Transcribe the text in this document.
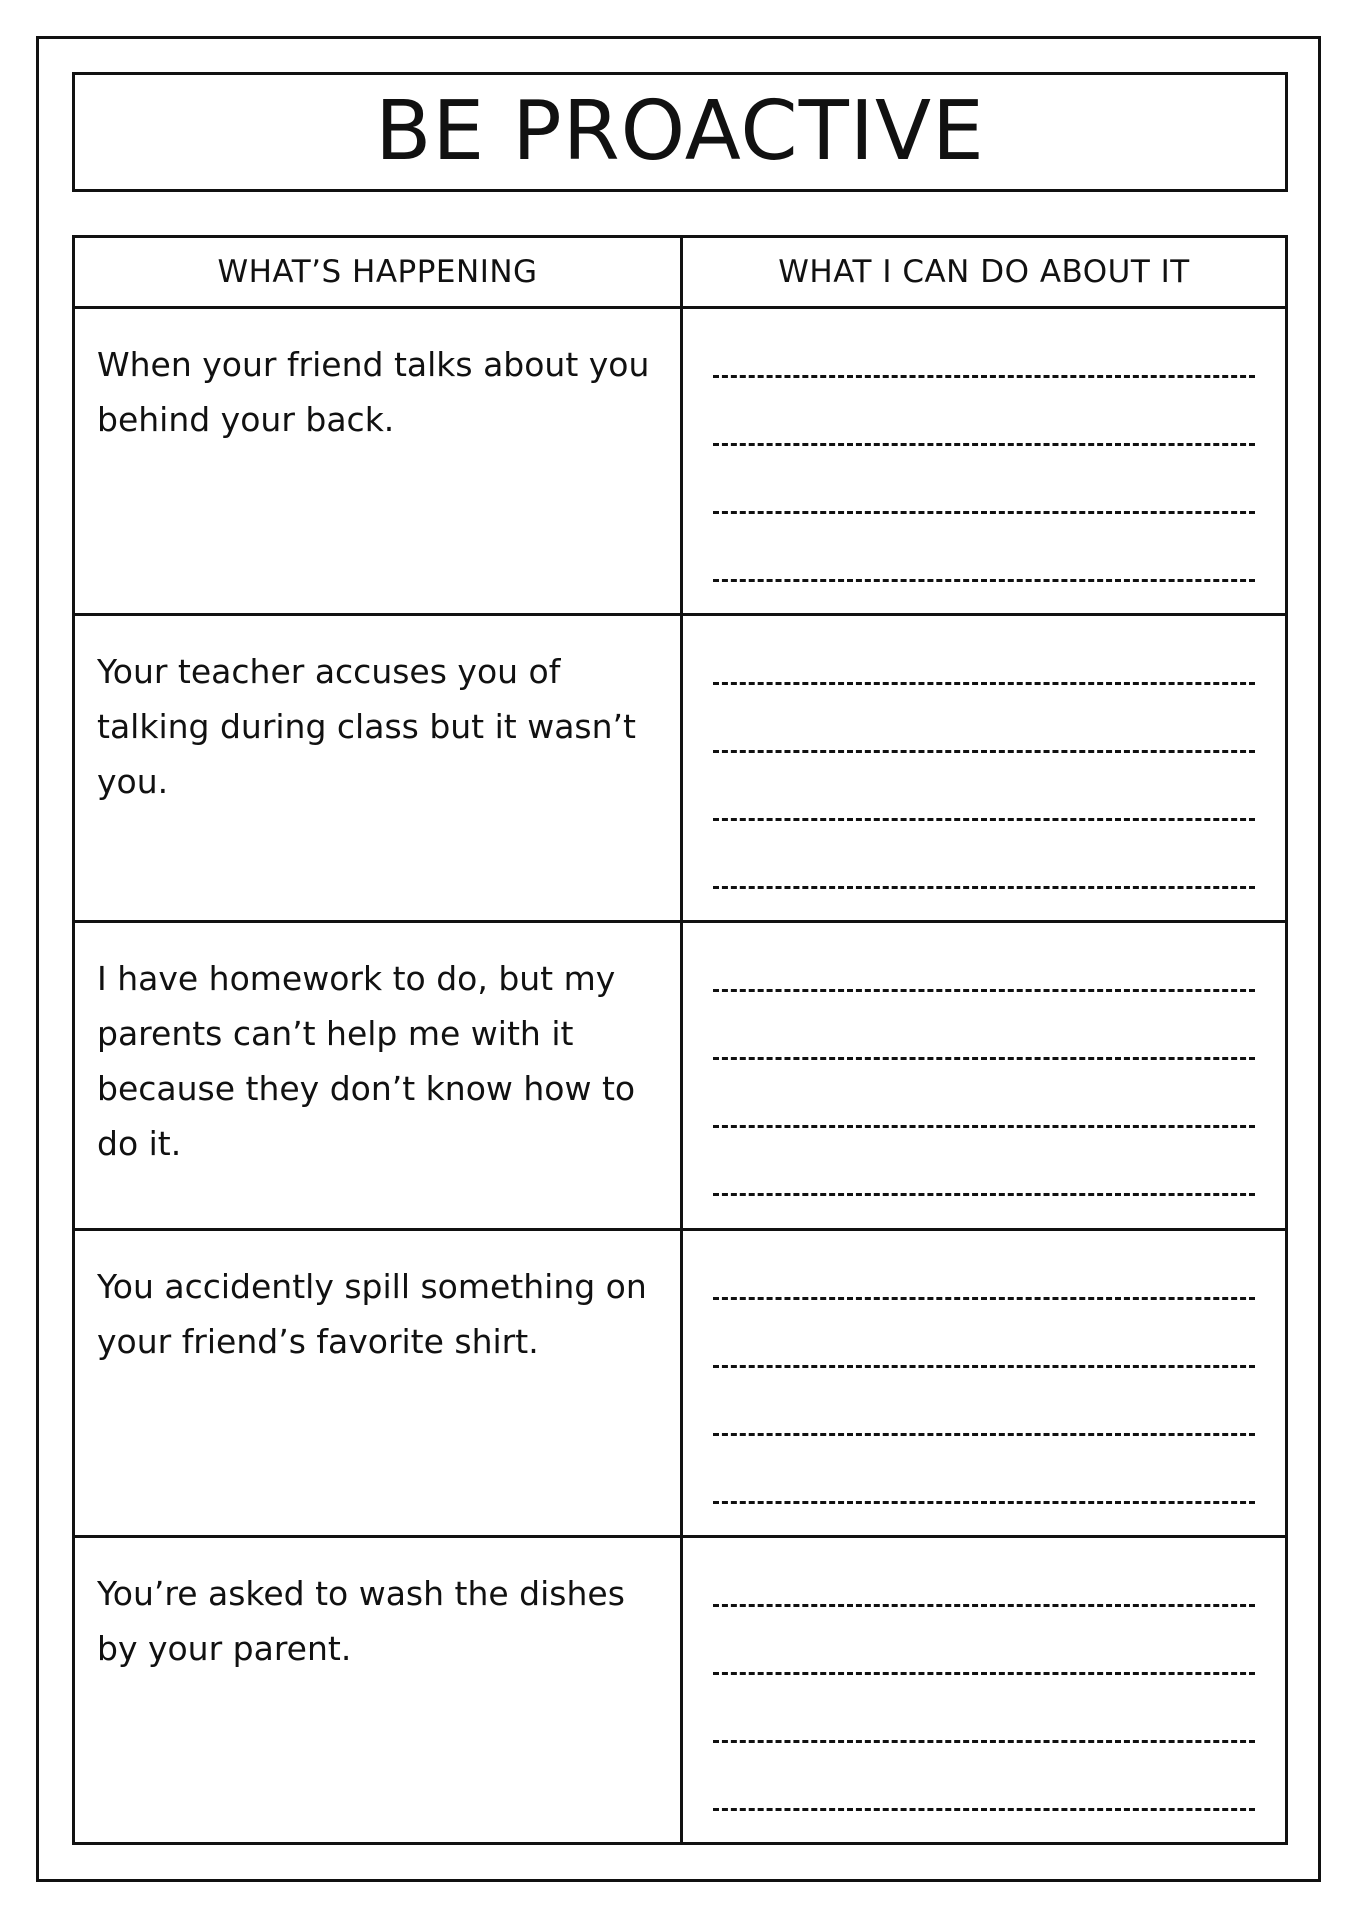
BE PROACTIVE
WHAT’S HAPPENING	WHAT I CAN DO ABOUT IT
When your friend talks about you behind your back.
Your teacher accuses you of talking during class but it wasn’t you.
I have homework to do, but my parents can’t help me with it because they don’t know how to do it.
You accidently spill something on your friend’s favorite shirt.
You’re asked to wash the dishes by your parent.
